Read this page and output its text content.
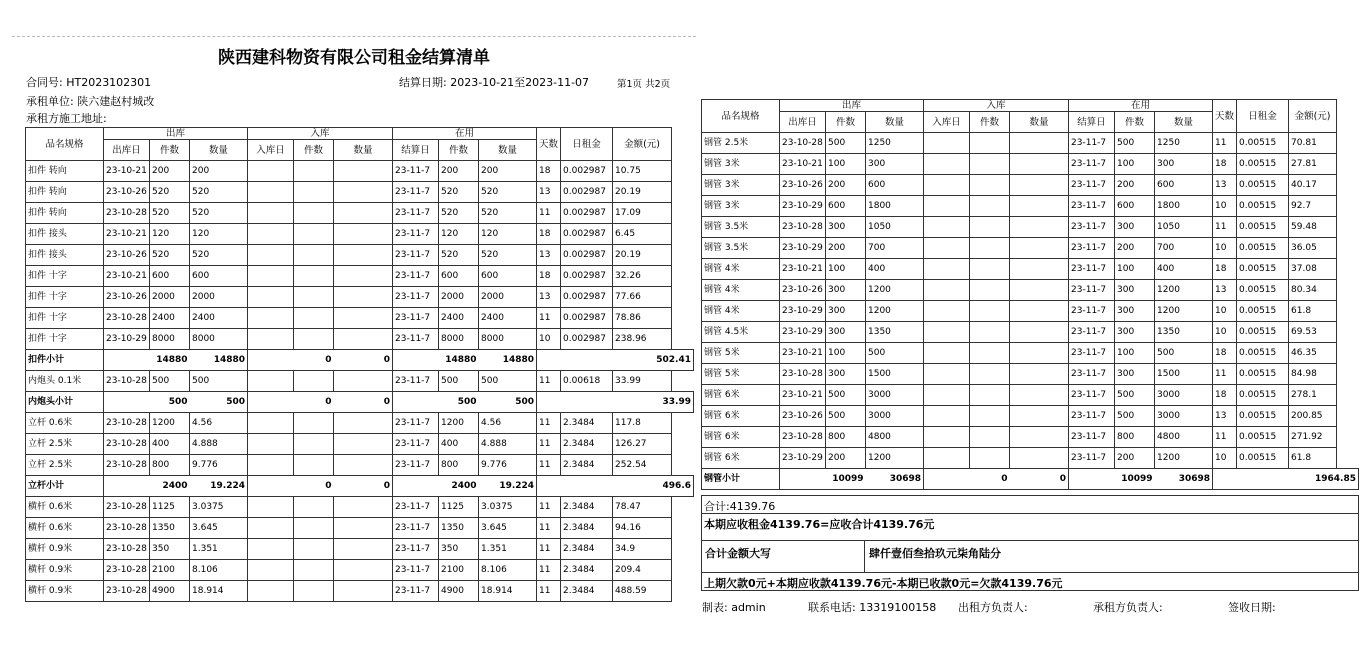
陕西建科物资有限公司租金结算清单
合同号: HT2023102301	结算日期: 2023-10-21至2023-11-07	第1页 共2页
承租单位: 陕六建赵村城改
承租方施工地址:
品名规格	出库			入库			在用			天数	日租金	金额(元)
	出库日	件数	数量	入库日	件数	数量	结算日	件数	数量			
扣件 转向	23-10-21	200	200				23-11-7	200	200	18	0.002987	10.75
扣件 转向	23-10-26	520	520				23-11-7	520	520	13	0.002987	20.19
扣件 转向	23-10-28	520	520				23-11-7	520	520	11	0.002987	17.09
扣件 接头	23-10-21	120	120				23-11-7	120	120	18	0.002987	6.45
扣件 接头	23-10-26	520	520				23-11-7	520	520	13	0.002987	20.19
扣件 十字	23-10-21	600	600				23-11-7	600	600	18	0.002987	32.26
扣件 十字	23-10-26	2000	2000				23-11-7	2000	2000	13	0.002987	77.66
扣件 十字	23-10-28	2400	2400				23-11-7	2400	2400	11	0.002987	78.86
扣件 十字	23-10-29	8000	8000				23-11-7	8000	8000	10	0.002987	238.96
扣件小计		14880	14880		0	0		14880	14880	502.41		
内炮头 0.1米	23-10-28	500	500				23-11-7	500	500	11	0.00618	33.99
内炮头小计		500	500		0	0		500	500	33.99		
立杆 0.6米	23-10-28	1200	4.56				23-11-7	1200	4.56	11	2.3484	117.8
立杆 2.5米	23-10-28	400	4.888				23-11-7	400	4.888	11	2.3484	126.27
立杆 2.5米	23-10-28	800	9.776				23-11-7	800	9.776	11	2.3484	252.54
立杆小计		2400	19.224		0	0		2400	19.224	496.6		
横杆 0.6米	23-10-28	1125	3.0375				23-11-7	1125	3.0375	11	2.3484	78.47
横杆 0.6米	23-10-28	1350	3.645				23-11-7	1350	3.645	11	2.3484	94.16
横杆 0.9米	23-10-28	350	1.351				23-11-7	350	1.351	11	2.3484	34.9
横杆 0.9米	23-10-28	2100	8.106				23-11-7	2100	8.106	11	2.3484	209.4
横杆 0.9米	23-10-28	4900	18.914				23-11-7	4900	18.914	11	2.3484	488.59
品名规格	出库			入库			在用			天数	日租金	金额(元)
	出库日	件数	数量	入库日	件数	数量	结算日	件数	数量			
钢管 2.5米	23-10-28	500	1250				23-11-7	500	1250	11	0.00515	70.81
钢管 3米	23-10-21	100	300				23-11-7	100	300	18	0.00515	27.81
钢管 3米	23-10-26	200	600				23-11-7	200	600	13	0.00515	40.17
钢管 3米	23-10-29	600	1800				23-11-7	600	1800	10	0.00515	92.7
钢管 3.5米	23-10-28	300	1050				23-11-7	300	1050	11	0.00515	59.48
钢管 3.5米	23-10-29	200	700				23-11-7	200	700	10	0.00515	36.05
钢管 4米	23-10-21	100	400				23-11-7	100	400	18	0.00515	37.08
钢管 4米	23-10-26	300	1200				23-11-7	300	1200	13	0.00515	80.34
钢管 4米	23-10-29	300	1200				23-11-7	300	1200	10	0.00515	61.8
钢管 4.5米	23-10-29	300	1350				23-11-7	300	1350	10	0.00515	69.53
钢管 5米	23-10-21	100	500				23-11-7	100	500	18	0.00515	46.35
钢管 5米	23-10-28	300	1500				23-11-7	300	1500	11	0.00515	84.98
钢管 6米	23-10-21	500	3000				23-11-7	500	3000	18	0.00515	278.1
钢管 6米	23-10-26	500	3000				23-11-7	500	3000	13	0.00515	200.85
钢管 6米	23-10-28	800	4800				23-11-7	800	4800	11	0.00515	271.92
钢管 6米	23-10-29	200	1200				23-11-7	200	1200	10	0.00515	61.8
钢管小计		10099	30698		0	0		10099	30698	1964.85		
合计:4139.76
本期应收租金4139.76=应收合计4139.76元
合计金额大写	肆仟壹佰叁拾玖元柒角陆分
上期欠款0元+本期应收款4139.76元-本期已收款0元=欠款4139.76元
制表: admin	联系电话: 13319100158 出租方负责人:	承租方负责人:	签收日期:
